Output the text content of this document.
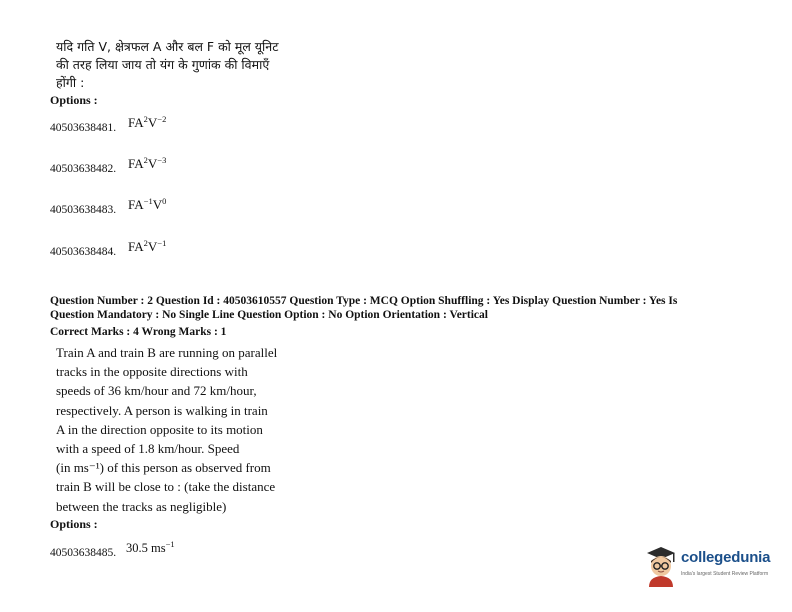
यदि गति V, क्षेत्रफल A और बल F को मूल यूनिट
की तरह लिया जाय तो यंग के गुणांक की विमाएँ
होंगी :
Options :
$FA^2V^{-2}$
40503638481.
$FA^2V^{-3}$
40503638482.
$FA^{-1}V^0$
40503638483.
$FA^2V^{-1}$
40503638484.
Question Number : 2 Question Id : 40503610557 Question Type : MCQ Option Shuffling : Yes Display Question Number : Yes Is
Question Mandatory : No Single Line Question Option : No Option Orientation : Vertical
Correct Marks : 4 Wrong Marks : 1
Train A and train B are running on parallel
tracks in the opposite directions with
speeds of 36 km/hour and 72 km/hour,
respectively. A person is walking in train
A in the direction opposite to its motion
with a speed of 1.8 km/hour. Speed
(in ms⁻¹) of this person as observed from
train B will be close to : (take the distance
between the tracks as negligible)
Options :
30.5 $ms^{-1}$
40503638485.	collegedunia
India's largest Student Review Platform
